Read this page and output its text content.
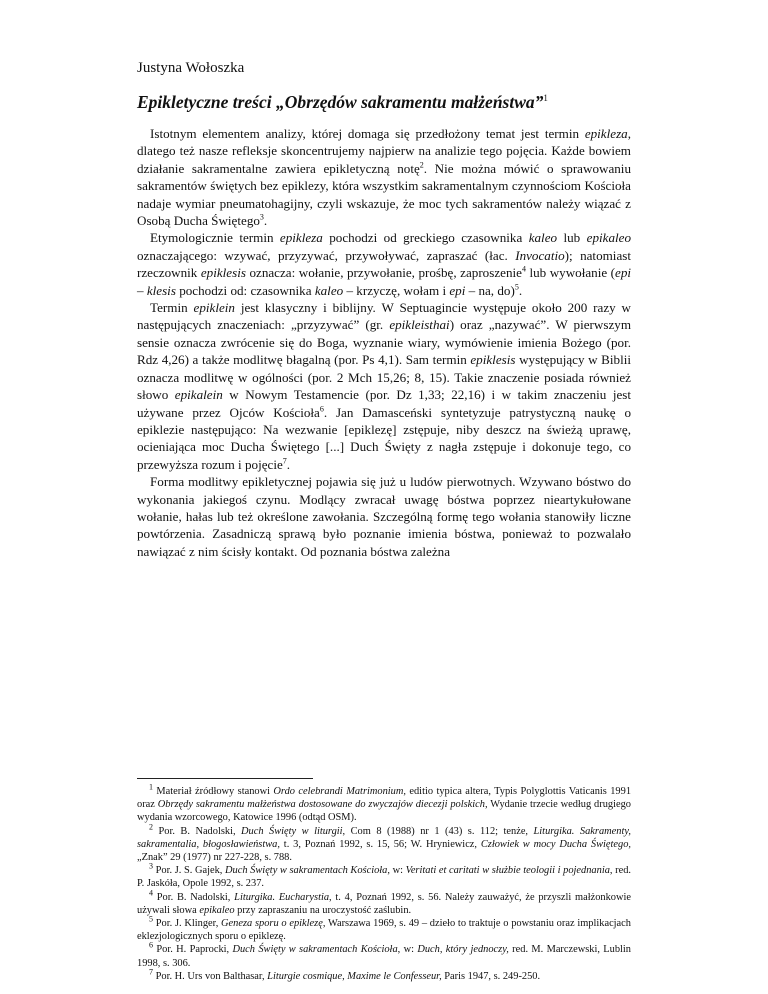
Justyna Wołoszka
Epikletyczne treści „Obrzędów sakramentu małżeństwa”$^1$

Istotnym elementem analizy, której domaga się przedłożony temat jest termin epikleza, dlatego też nasze refleksje skoncentrujemy najpierw na analizie tego pojęcia. Każde bowiem działanie sakramentalne zawiera epikletyczną notę$^2$. Nie można mówić o sprawowaniu sakramentów świętych bez epiklezy, która wszystkim sakramentalnym czynnościom Kościoła nadaje wymiar pneumatohagijny, czyli wskazuje, że moc tych sakramentów należy wiązać z Osobą Ducha Świętego$^3$.

Etymologicznie termin epikleza pochodzi od greckiego czasownika kaleo lub epikaleo oznaczającego: wzywać, przyzywać, przywoływać, zapraszać (łac. Invocatio); natomiast rzeczownik epiklesis oznacza: wołanie, przywołanie, prośbę, zaproszenie$^4$ lub wywołanie (epi – klesis pochodzi od: czasownika kaleo – krzyczę, wołam i epi – na, do)$^5$.

Termin epiklein jest klasyczny i biblijny. W Septuagincie występuje około 200 razy w następujących znaczeniach: „przyzywać” (gr. epikleisthai) oraz „nazywać”. W pierwszym sensie oznacza zwrócenie się do Boga, wyznanie wiary, wymówienie imienia Bożego (por. Rdz 4,26) a także modlitwę błagalną (por. Ps 4,1). Sam termin epiklesis występujący w Biblii oznacza modlitwę w ogólności (por. 2 Mch 15,26; 8, 15). Takie znaczenie posiada również słowo epikalein w Nowym Testamencie (por. Dz 1,33; 22,16) i w takim znaczeniu jest używane przez Ojców Kościoła$^6$. Jan Damasceński syntetyzuje patrystyczną naukę o epiklezie następująco: Na wezwanie [epiklezę] zstępuje, niby deszcz na świeżą uprawę, ocieniająca moc Ducha Świętego [...] Duch Święty z nagła zstępuje i dokonuje tego, co przewyższa rozum i pojęcie$^7$.

Forma modlitwy epikletycznej pojawia się już u ludów pierwotnych. Wzywano bóstwo do wykonania jakiegoś czynu. Modlący zwracał uwagę bóstwa poprzez nieartykułowane wołanie, hałas lub też określone zawołania. Szczególną formę tego wołania stanowiły liczne powtórzenia. Zasadniczą sprawą było poznanie imienia bóstwa, ponieważ to pozwalało nawiązać z nim ścisły kontakt. Od poznania bóstwa zależna

$^1$ Materiał źródłowy stanowi Ordo celebrandi Matrimonium, editio typica altera, Typis Polyglottis Vaticanis 1991 oraz Obrzędy sakramentu małżeństwa dostosowane do zwyczajów diecezji polskich, Wydanie trzecie według drugiego wydania wzorcowego, Katowice 1996 (odtąd OSM).

$^2$ Por. B. Nadolski, Duch Święty w liturgii, Com 8 (1988) nr 1 (43) s. 112; tenże, Liturgika. Sakramenty, sakramentalia, błogosławieństwa, t. 3, Poznań 1992, s. 15, 56; W. Hryniewicz, Człowiek w mocy Ducha Świętego, „Znak” 29 (1977) nr 227-228, s. 788.

$^3$ Por. J. S. Gajek, Duch Święty w sakramentach Kościoła, w: Veritati et caritati w służbie teologii i pojednania, red. P. Jaskóła, Opole 1992, s. 237.

$^4$ Por. B. Nadolski, Liturgika. Eucharystia, t. 4, Poznań 1992, s. 56. Należy zauważyć, że przyszli małżonkowie używali słowa epikaleo przy zapraszaniu na uroczystość zaślubin.

$^5$ Por. J. Klinger, Geneza sporu o epiklezę, Warszawa 1969, s. 49 – dzieło to traktuje o powstaniu oraz implikacjach eklezjologicznych sporu o epiklezę.

$^6$ Por. H. Paprocki, Duch Święty w sakramentach Kościoła, w: Duch, który jednoczy, red. M. Marczewski, Lublin 1998, s. 306.

$^7$ Por. H. Urs von Balthasar, Liturgie cosmique, Maxime le Confesseur, Paris 1947, s. 249-250.
